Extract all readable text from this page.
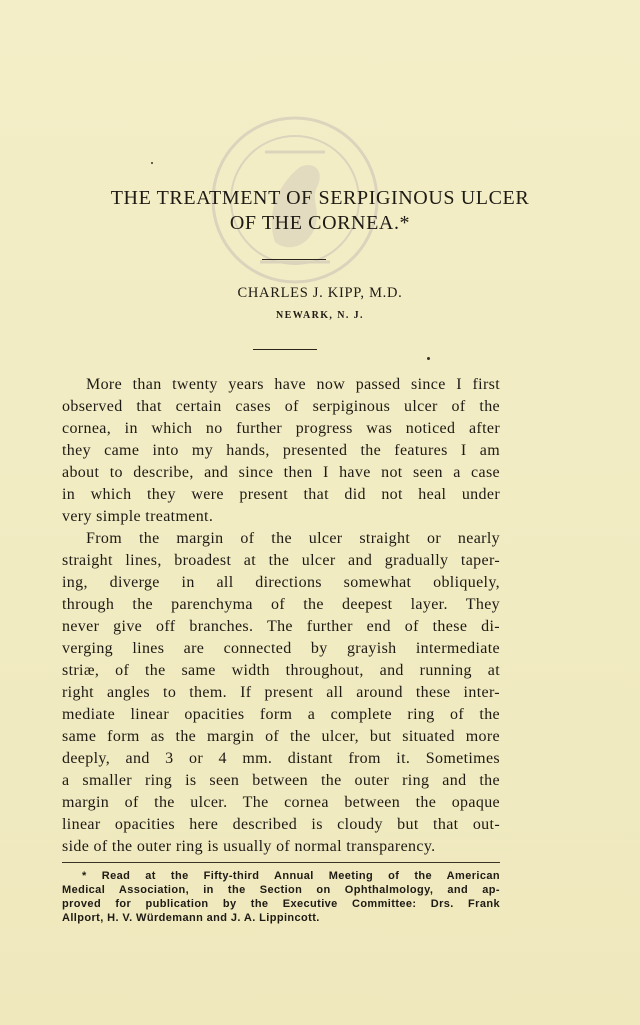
THE TREATMENT OF SERPIGINOUS ULCER
OF THE CORNEA.*
CHARLES J. KIPP, M.D.
NEWARK, N. J.
More than twenty years have now passed since I first
observed that certain cases of serpiginous ulcer of the
cornea, in which no further progress was noticed after
they came into my hands, presented the features I am
about to describe, and since then I have not seen a case
in which they were present that did not heal under
very simple treatment.
From the margin of the ulcer straight or nearly
straight lines, broadest at the ulcer and gradually taper-
ing, diverge in all directions somewhat obliquely,
through the parenchyma of the deepest layer. They
never give off branches. The further end of these di-
verging lines are connected by grayish intermediate
striæ, of the same width throughout, and running at
right angles to them. If present all around these inter-
mediate linear opacities form a complete ring of the
same form as the margin of the ulcer, but situated more
deeply, and 3 or 4 mm. distant from it. Sometimes
a smaller ring is seen between the outer ring and the
margin of the ulcer. The cornea between the opaque
linear opacities here described is cloudy but that out-
side of the outer ring is usually of normal transparency.
* Read at the Fifty-third Annual Meeting of the American
Medical Association, in the Section on Ophthalmology, and ap-
proved for publication by the Executive Committee: Drs. Frank
Allport, H. V. Würdemann and J. A. Lippincott.
